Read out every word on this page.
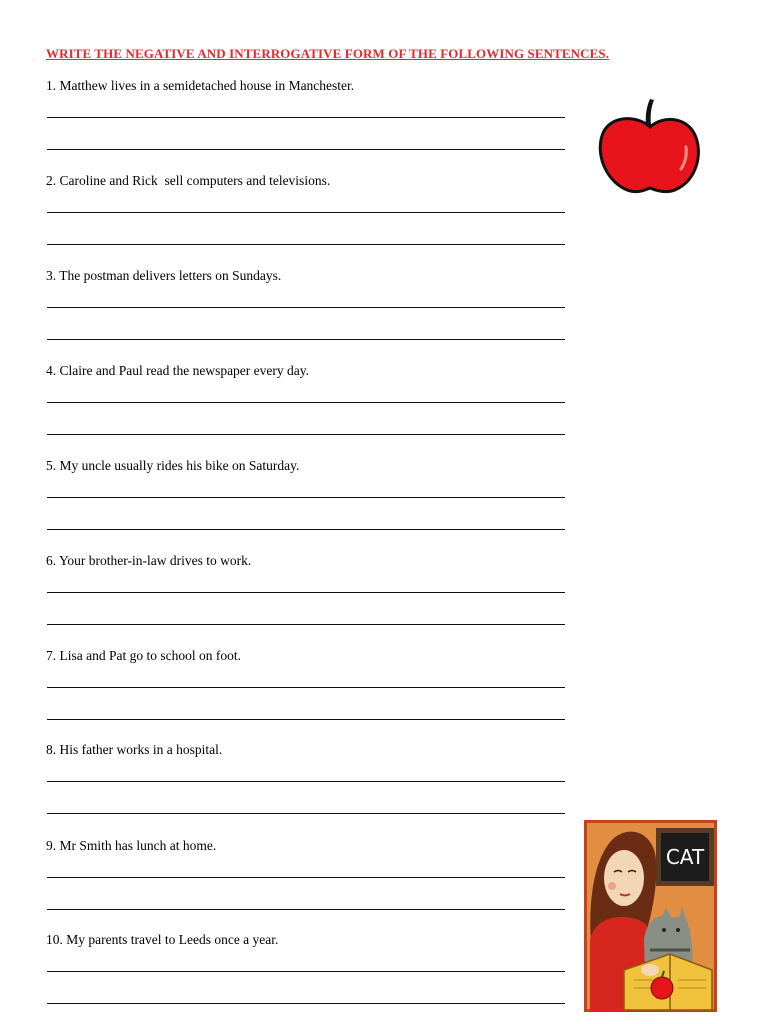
WRITE THE NEGATIVE AND INTERROGATIVE FORM OF THE FOLLOWING SENTENCES.
1. Matthew lives in a semidetached house in Manchester.
2. Caroline and Rick  sell computers and televisions.
3. The postman delivers letters on Sundays.
4. Claire and Paul read the newspaper every day.
5. My uncle usually rides his bike on Saturday.
6. Your brother-in-law drives to work.
7. Lisa and Pat go to school on foot.
8. His father works in a hospital.
9. Mr Smith has lunch at home.
10. My parents travel to Leeds once a year.
CAT
